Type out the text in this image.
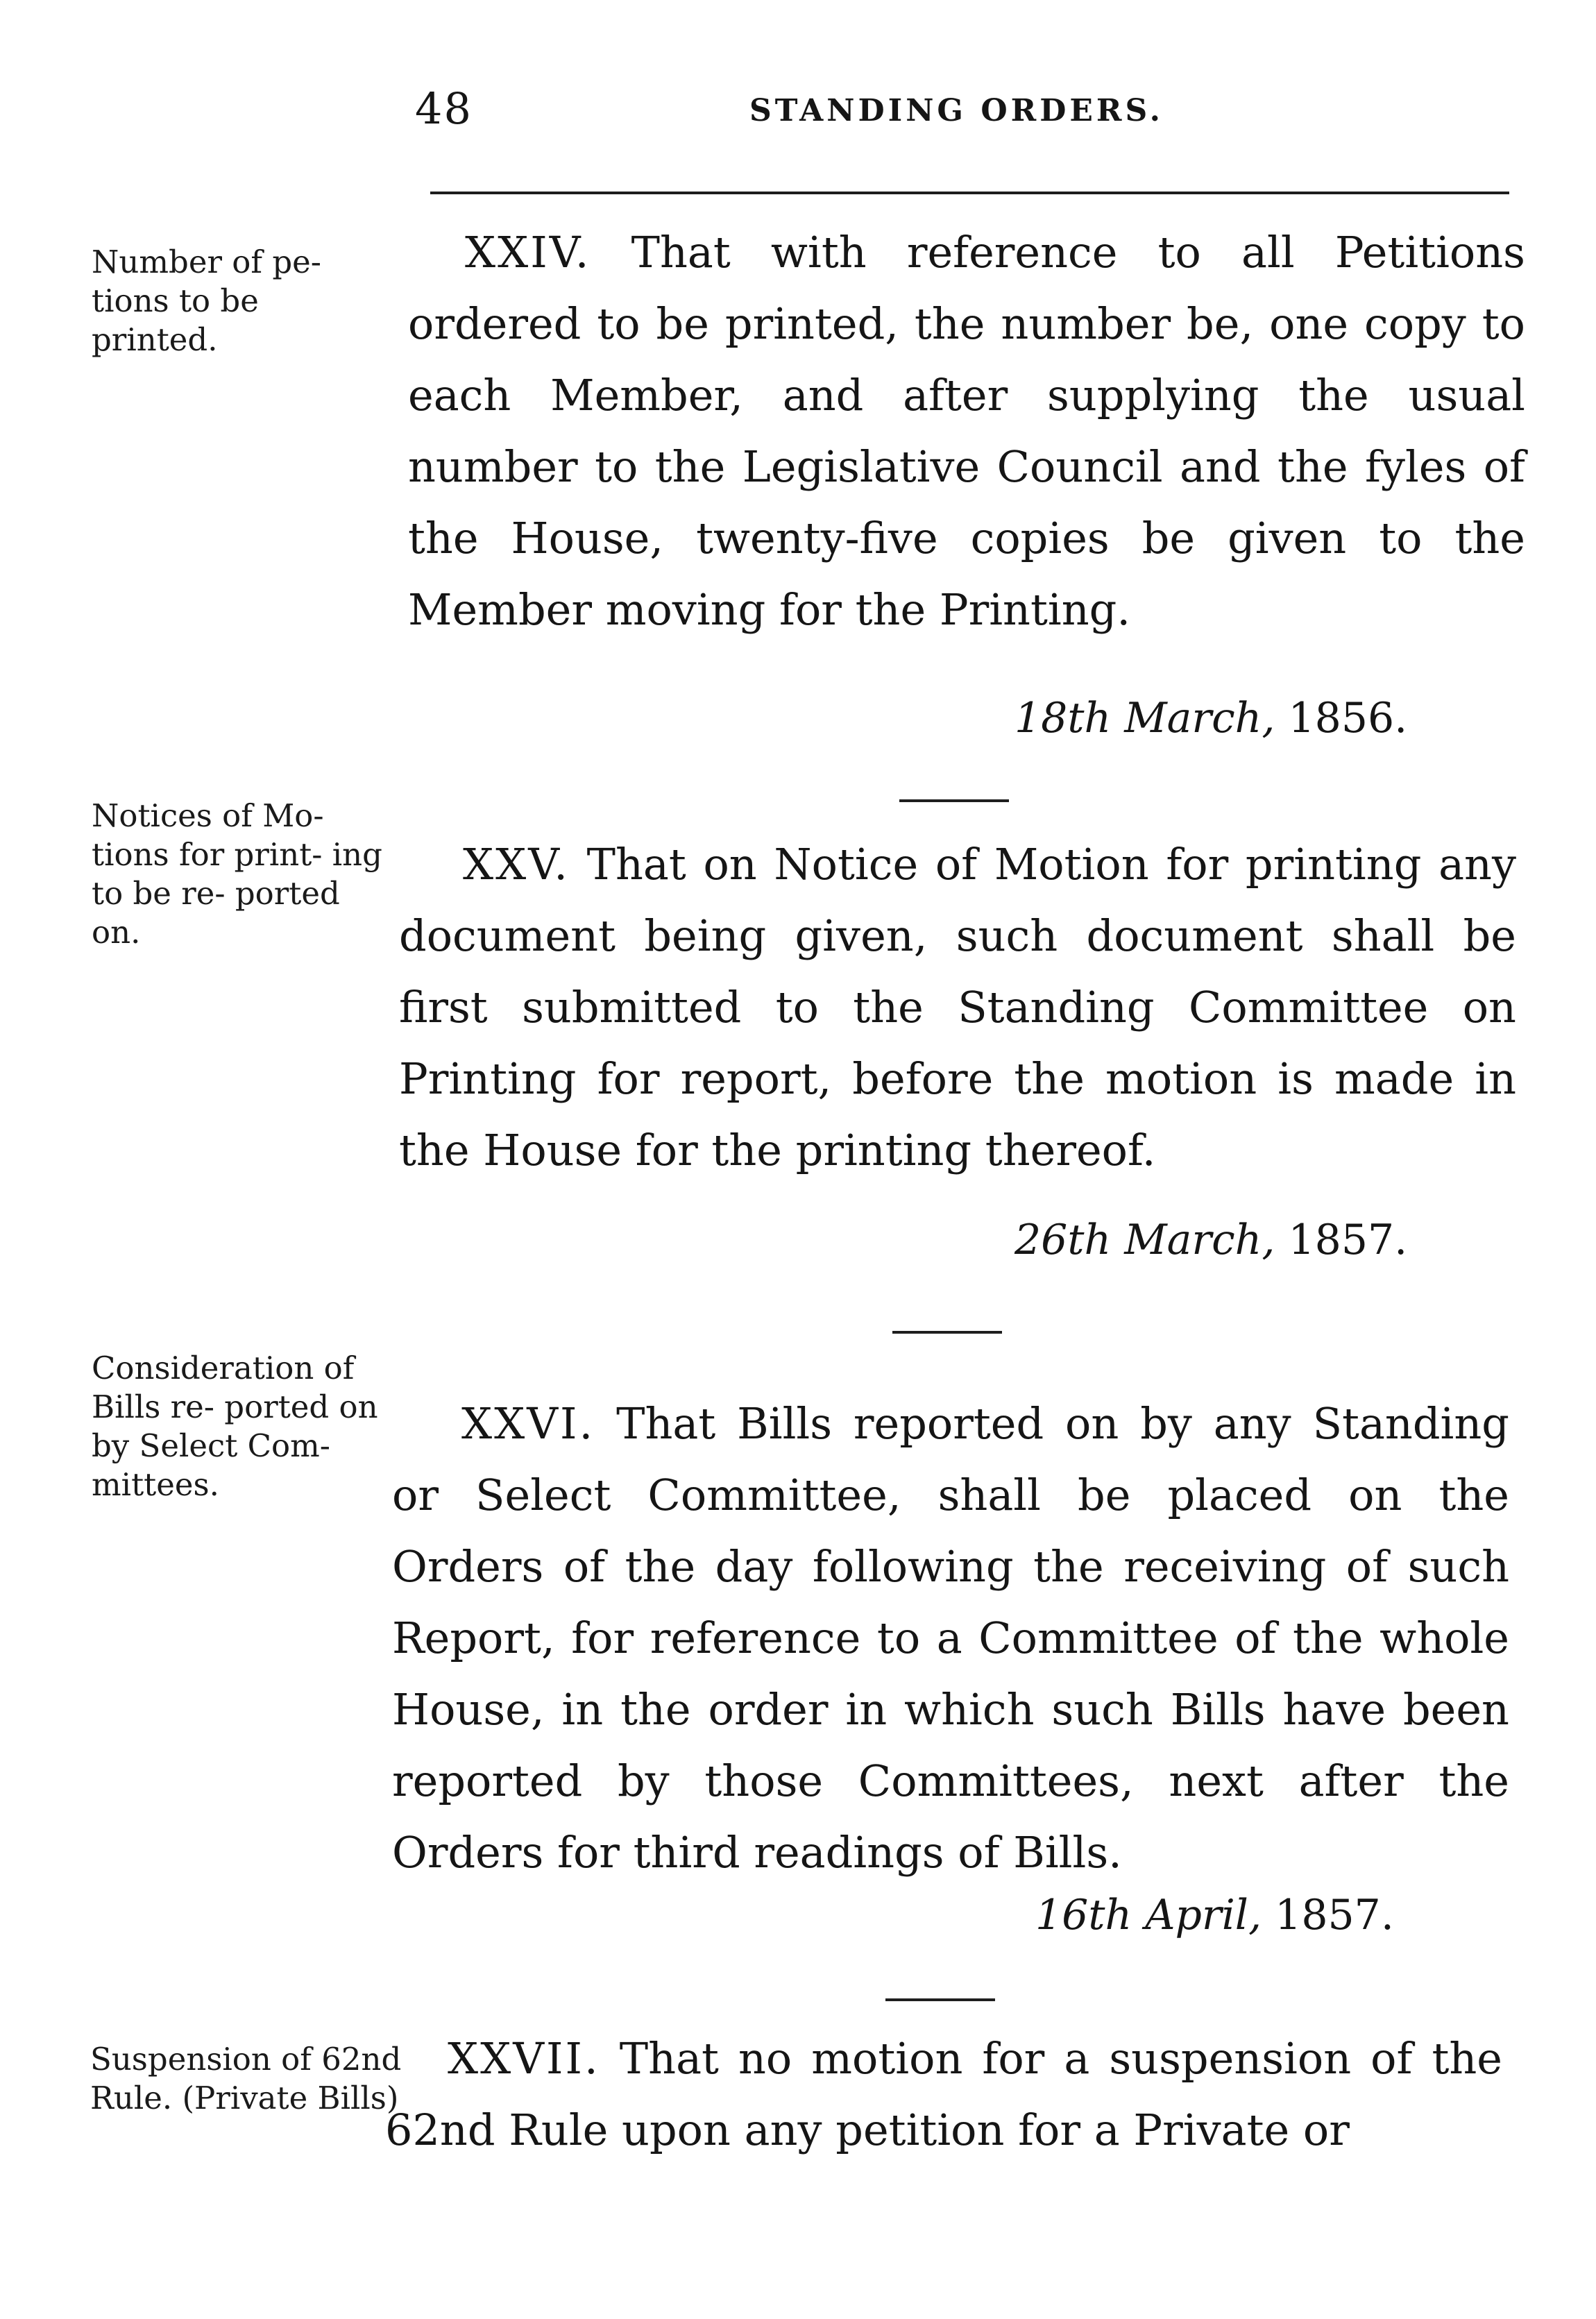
48	STANDING ORDERS.
Number of pe- tions to be printed.

XXIV. That with reference to all Petitions ordered to be printed, the number be, one copy to each Member, and after supplying the usual number to the Legislative Council and the fyles of the House, twenty-five copies be given to the Member moving for the Printing.

18th March, 1856.
Notices of Mo- tions for print- ing to be re- ported on.

XXV. That on Notice of Motion for printing any document being given, such document shall be first submitted to the Standing Committee on Printing for report, before the motion is made in the House for the printing thereof.

26th March, 1857.
Consideration of Bills re- ported on by Select Com- mittees.

XXVI. That Bills reported on by any Standing or Select Committee, shall be placed on the Orders of the day following the receiving of such Report, for reference to a Committee of the whole House, in the order in which such Bills have been reported by those Committees, next after the Orders for third readings of Bills.

16th April, 1857.
Suspension of 62nd Rule. (Private Bills)

XXVII. That no motion for a suspension of the 62nd Rule upon any petition for a Private or
